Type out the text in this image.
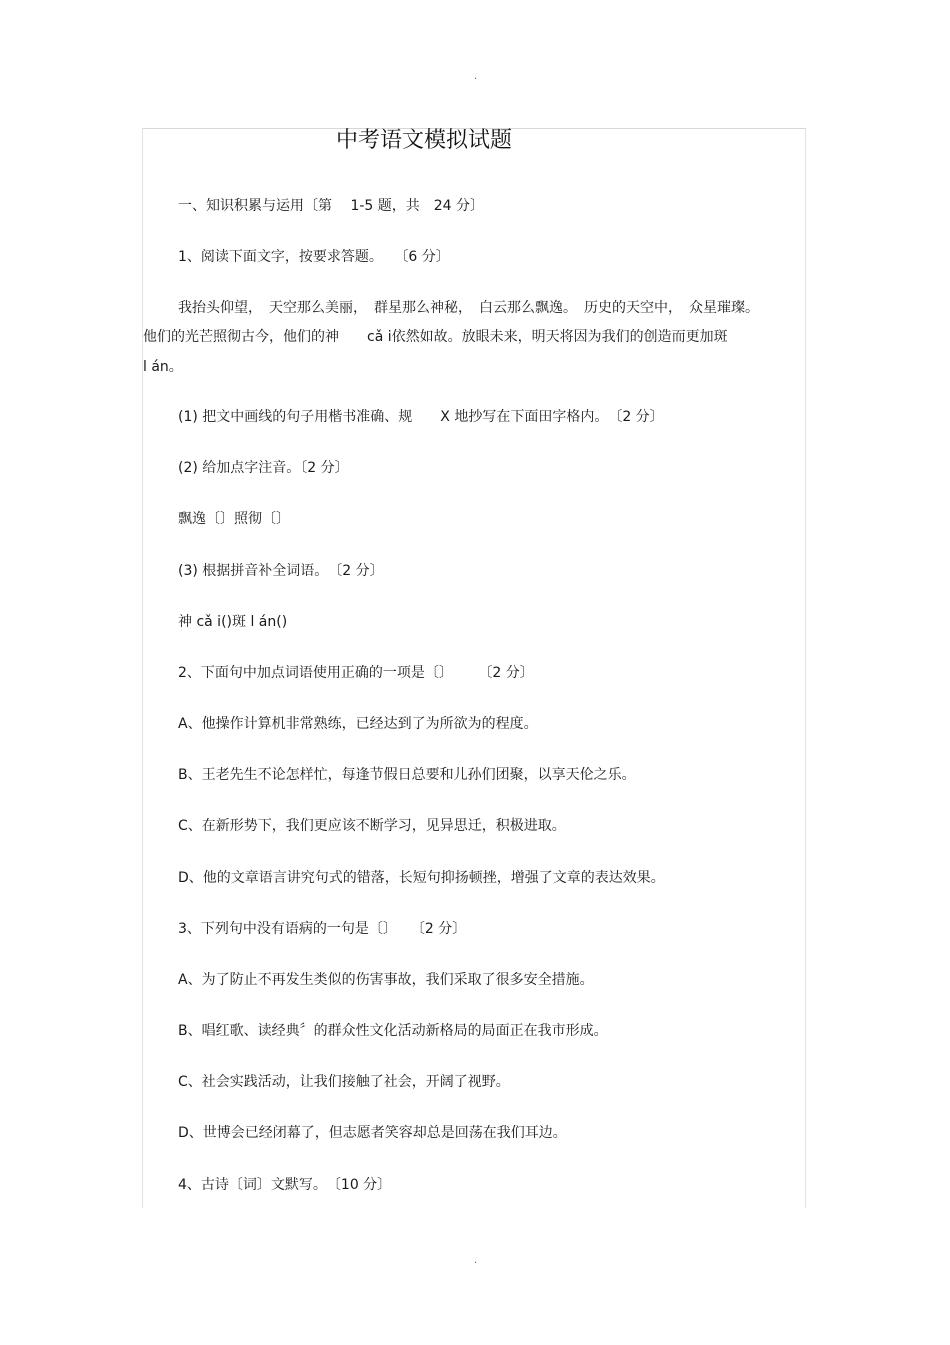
.
中考语文模拟试题
一、知识积累与运用〔第　 1-5 题，共　24 分〕
1、阅读下面文字，按要求答题。　 〔6 分〕
我抬头仰望，　天空那么美丽，　群星那么神秘，　白云那么飘逸。　历史的天空中，　众星璀璨。
他们的光芒照彻古今，他们的神　　cǎ i依然如故。放眼未来，明天将因为我们的创造而更加斑
l án。
(1) 把文中画线的句子用楷书准确、规　　X 地抄写在下面田字格内。　〔2 分〕
(2) 给加点字注音。〔2 分〕
飘逸〔〕照彻〔〕
(3) 根据拼音补全词语。　〔2 分〕
神 cǎ i()斑 l án()
2、下面句中加点词语使用正确的一项是〔〕　　 〔2 分〕
A、他操作计算机非常熟练，已经达到了为所欲为的程度。
B、王老先生不论怎样忙，每逢节假日总要和儿孙们团聚，以享天伦之乐。
C、在新形势下，我们更应该不断学习，见异思迁，积极进取。
D、他的文章语言讲究句式的错落，长短句抑扬顿挫，增强了文章的表达效果。
3、下列句中没有语病的一句是〔〕　　〔2 分〕
A、为了防止不再发生类似的伤害事故，我们采取了很多安全措施。
B、唱红歌、读经典〞的群众性文化活动新格局的局面正在我市形成。
C、社会实践活动，让我们接触了社会，开阔了视野。
D、世博会已经闭幕了，但志愿者笑容却总是回荡在我们耳边。
4、古诗〔词〕文默写。　〔10 分〕
.
